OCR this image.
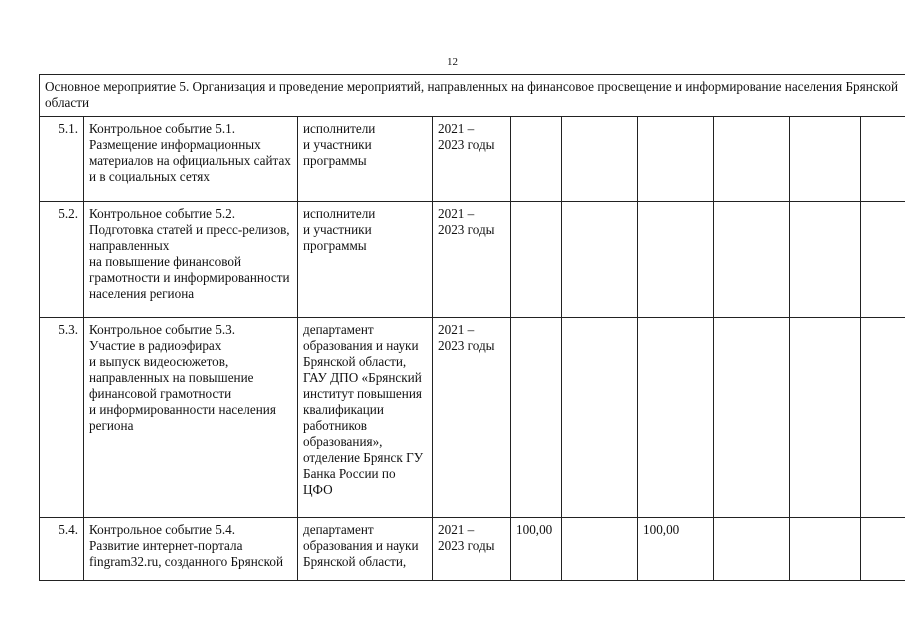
12
Основное мероприятие 5. Организация и проведение мероприятий, направленных на финансовое просвещение и информирование населения Брянской области									
5.1.	Контрольное событие 5.1.
Размещение информационных материалов на официальных сайтах и в социальных сетях	исполнители
и участники
программы	2021 –
2023 годы						
5.2.	Контрольное событие 5.2.
Подготовка статей и пресс-релизов, направленных
на повышение финансовой грамотности и информированности населения региона	исполнители
и участники
программы	2021 –
2023 годы						
5.3.	Контрольное событие 5.3.
Участие в радиоэфирах
и выпуск видеосюжетов, направленных на повышение финансовой грамотности
и информированности населения региона	департамент образования и науки Брянской области, ГАУ ДПО «Брянский институт повышения квалификации работников образования», отделение Брянск ГУ Банка России по ЦФО	2021 –
2023 годы						
5.4.	Контрольное событие 5.4.
Развитие интернет-портала fingram32.ru, созданного Брянской	департамент образования и науки Брянской области,	2021 –
2023 годы	100,00		100,00			
